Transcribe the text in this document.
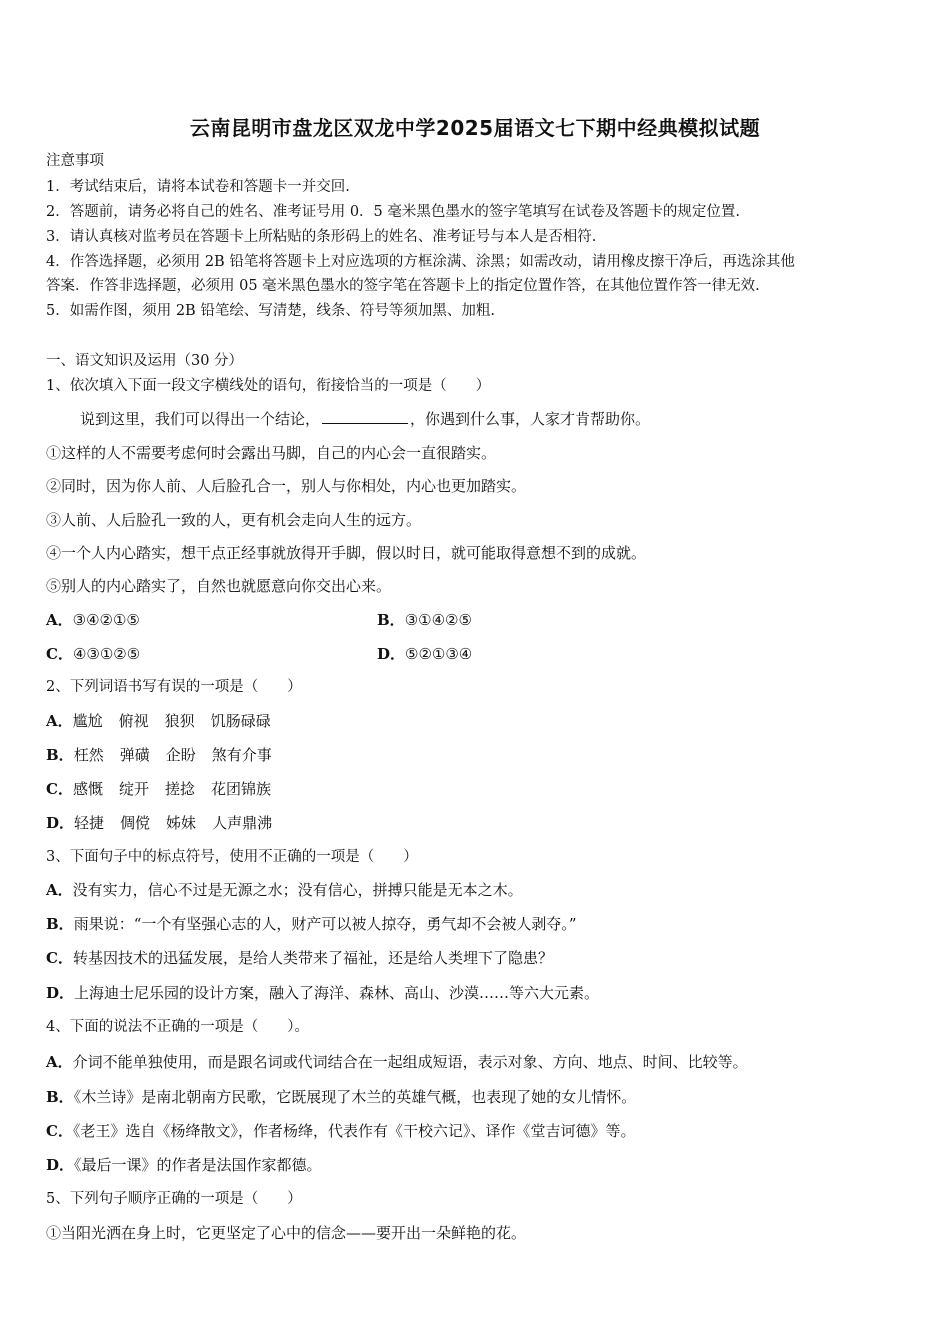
云南昆明市盘龙区双龙中学2025届语文七下期中经典模拟试题
注意事项
1．考试结束后，请将本试卷和答题卡一并交回.
2．答题前，请务必将自己的姓名、准考证号用 0．5 毫米黑色墨水的签字笔填写在试卷及答题卡的规定位置.
3．请认真核对监考员在答题卡上所粘贴的条形码上的姓名、准考证号与本人是否相符.
4．作答选择题，必须用 2B 铅笔将答题卡上对应选项的方框涂满、涂黑；如需改动，请用橡皮擦干净后，再选涂其他
答案．作答非选择题，必须用 05 毫米黑色墨水的签字笔在答题卡上的指定位置作答，在其他位置作答一律无效.
5．如需作图，须用 2B 铅笔绘、写清楚，线条、符号等须加黑、加粗.
一、语文知识及运用（30 分）
1、依次填入下面一段文字横线处的语句，衔接恰当的一项是（　　）
说到这里，我们可以得出一个结论，	，你遇到什么事，人家才肯帮助你。
①这样的人不需要考虑何时会露出马脚，自己的内心会一直很踏实。
②同时，因为你人前、人后脸孔合一，别人与你相处，内心也更加踏实。
③人前、人后脸孔一致的人，更有机会走向人生的远方。
④一个人内心踏实，想干点正经事就放得开手脚，假以时日，就可能取得意想不到的成就。
⑤别人的内心踏实了，自然也就愿意向你交出心来。
A．③④②①⑤	B．③①④②⑤
C．④③①②⑤	D．⑤②①③④
2、下列词语书写有误的一项是（　　）
A．尴尬 俯视 狼狈 饥肠碌碌
B．枉然 弹磺 企盼 煞有介事
C．感慨 绽开 搓捻 花团锦族
D．轻捷 倜傥 姊妹 人声鼎沸
3、下面句子中的标点符号，使用不正确的一项是（　　）
A．没有实力，信心不过是无源之水；没有信心，拼搏只能是无本之木。
B．雨果说：“一个有坚强心志的人，财产可以被人掠夺，勇气却不会被人剥夺。”
C．转基因技术的迅猛发展，是给人类带来了福祉，还是给人类埋下了隐患？
D．上海迪士尼乐园的设计方案，融入了海洋、森林、高山、沙漠……等六大元素。
4、下面的说法不正确的一项是（　　）。
A．介词不能单独使用，而是跟名词或代词结合在一起组成短语，表示对象、方向、地点、时间、比较等。
B．《木兰诗》是南北朝南方民歌，它既展现了木兰的英雄气概，也表现了她的女儿情怀。
C．《老王》选自《杨绛散文》，作者杨绛，代表作有《干校六记》、译作《堂吉诃德》等。
D．《最后一课》的作者是法国作家都德。
5、下列句子顺序正确的一项是（　　）
①当阳光洒在身上时，它更坚定了心中的信念——要开出一朵鲜艳的花。
